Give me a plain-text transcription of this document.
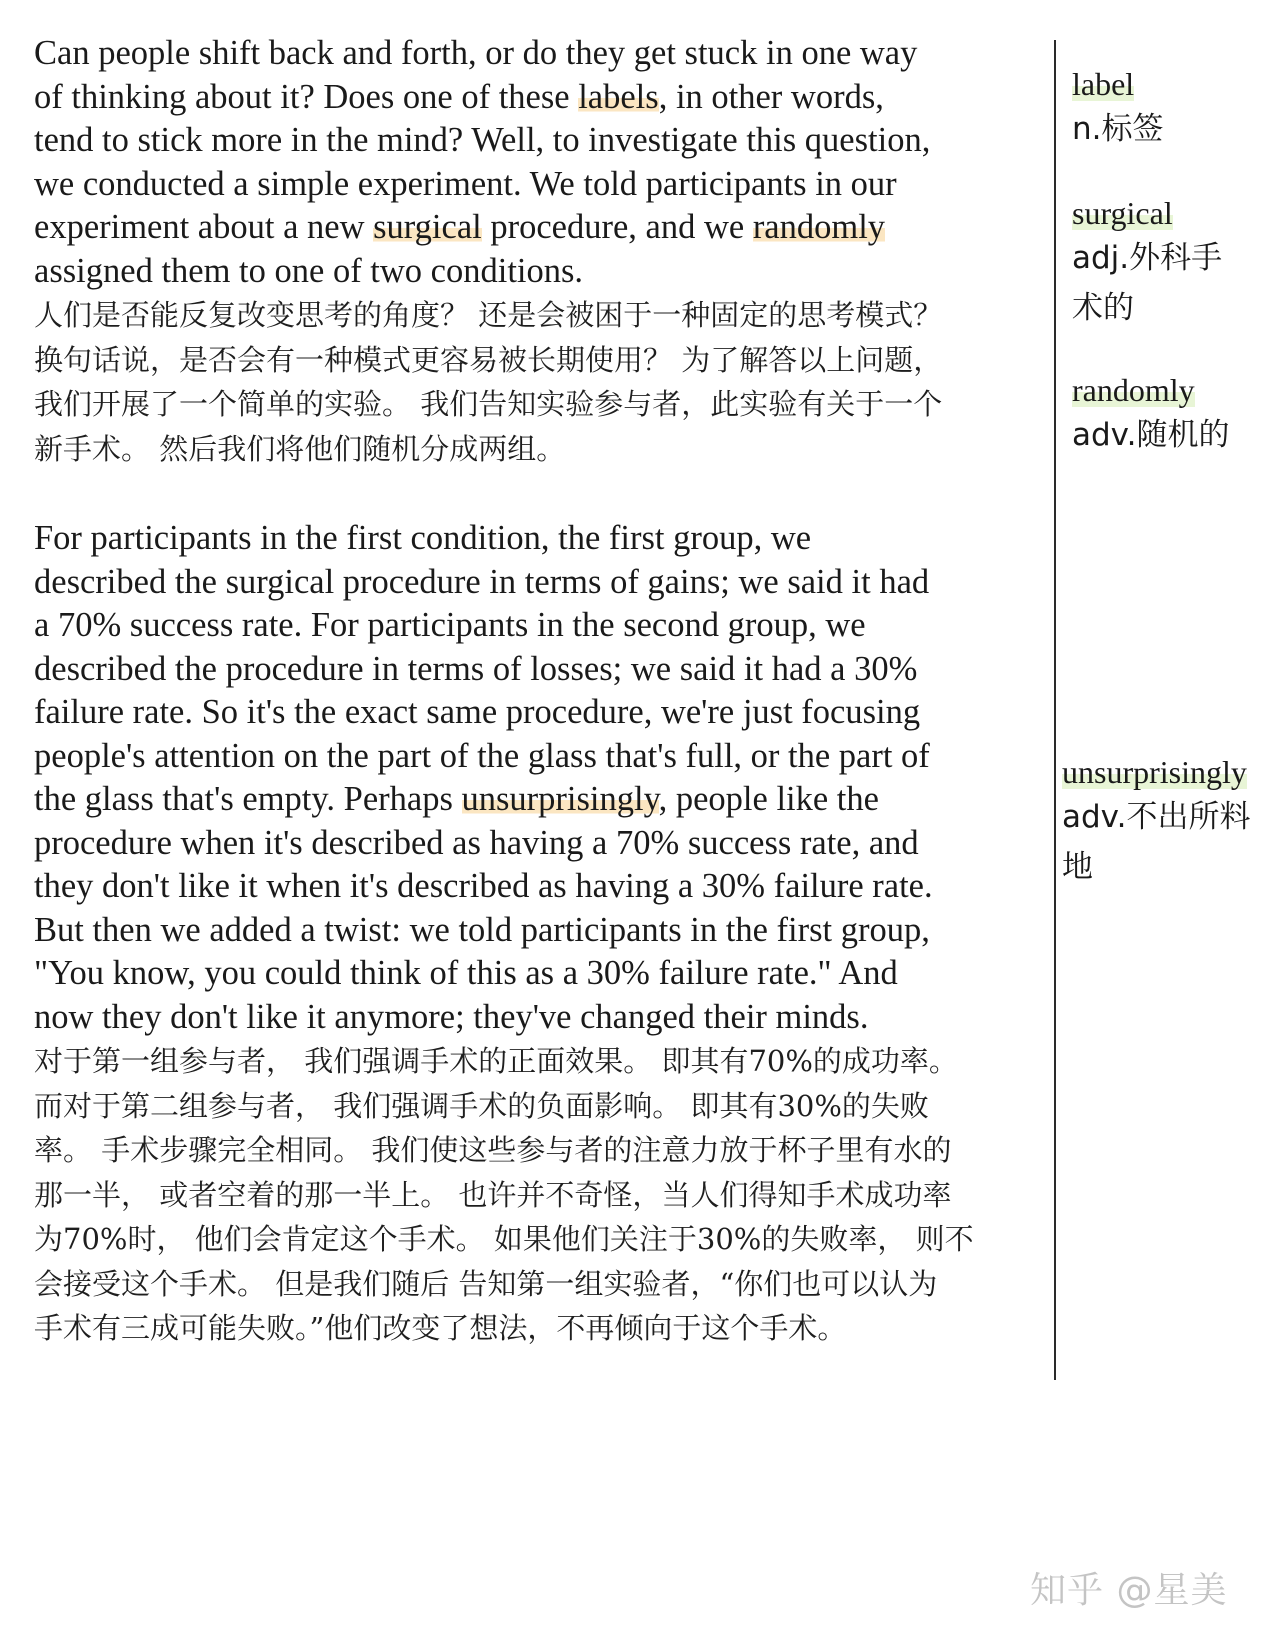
Can people shift back and forth, or do they get stuck in one way
of thinking about it? Does one of these labels, in other words,
tend to stick more in the mind? Well, to investigate this question,
we conducted a simple experiment. We told participants in our
experiment about a new surgical procedure, and we randomly
assigned them to one of two conditions.
人们是否能反复改变思考的角度？ 还是会被困于一种固定的思考模式？
换句话说，是否会有一种模式更容易被长期使用？ 为了解答以上问题，
我们开展了一个简单的实验。 我们告知实验参与者，此实验有关于一个
新手术。 然后我们将他们随机分成两组。
For participants in the first condition, the first group, we
described the surgical procedure in terms of gains; we said it had
a 70% success rate. For participants in the second group, we
described the procedure in terms of losses; we said it had a 30%
failure rate. So it's the exact same procedure, we're just focusing
people's attention on the part of the glass that's full, or the part of
the glass that's empty. Perhaps unsurprisingly, people like the
procedure when it's described as having a 70% success rate, and
they don't like it when it's described as having a 30% failure rate.
But then we added a twist: we told participants in the first group,
"You know, you could think of this as a 30% failure rate." And
now they don't like it anymore; they've changed their minds.
对于第一组参与者， 我们强调手术的正面效果。 即其有70%的成功率。
而对于第二组参与者， 我们强调手术的负面影响。 即其有30%的失败
率。 手术步骤完全相同。 我们使这些参与者的注意力放于杯子里有水的
那一半， 或者空着的那一半上。 也许并不奇怪，当人们得知手术成功率
为70%时， 他们会肯定这个手术。 如果他们关注于30%的失败率， 则不
会接受这个手术。 但是我们随后 告知第一组实验者，“你们也可以认为
手术有三成可能失败。”他们改变了想法，不再倾向于这个手术。
label
n.标签
surgical
adj.外科手
术的
randomly
adv.随机的
unsurprisingly
adv.不出所料
地
知乎 @星美
